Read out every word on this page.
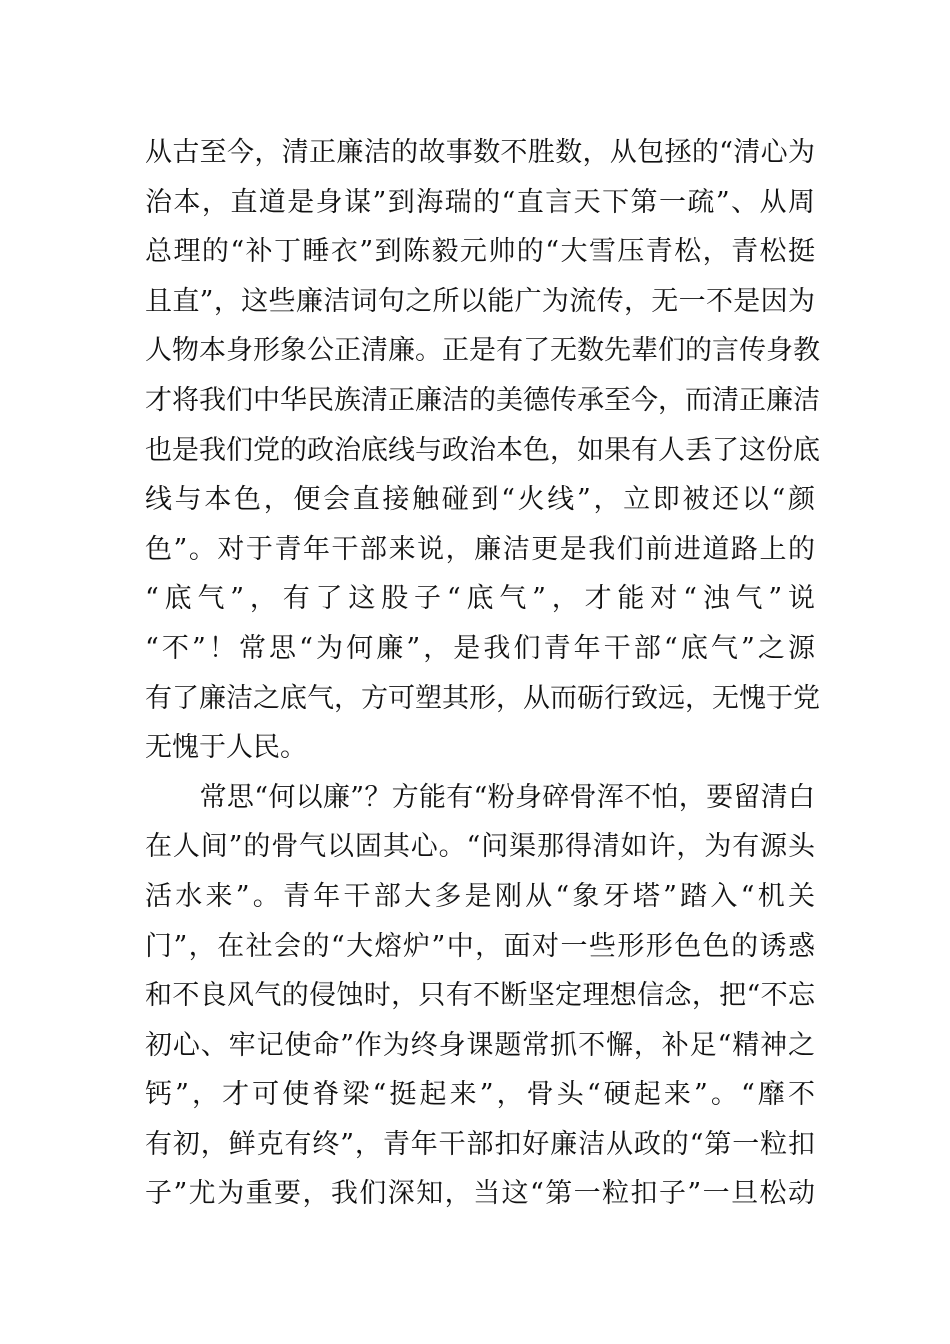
从古至今，清正廉洁的故事数不胜数，从包拯的“清心为
治本，直道是身谋”到海瑞的“直言天下第一疏”、从周
总理的“补丁睡衣”到陈毅元帅的“大雪压青松，青松挺
且直”，这些廉洁词句之所以能广为流传，无一不是因为
人物本身形象公正清廉。正是有了无数先辈们的言传身教
才将我们中华民族清正廉洁的美德传承至今，而清正廉洁
也是我们党的政治底线与政治本色，如果有人丢了这份底
线与本色，便会直接触碰到“火线”，立即被还以“颜
色”。对于青年干部来说，廉洁更是我们前进道路上的
“底气”，有了这股子“底气”，才能对“浊气”说
“不”！常思“为何廉”，是我们青年干部“底气”之源
有了廉洁之底气，方可塑其形，从而砺行致远，无愧于党
无愧于人民。
　　常思“何以廉”？方能有“粉身碎骨浑不怕，要留清白
在人间”的骨气以固其心。“问渠那得清如许，为有源头
活水来”。青年干部大多是刚从“象牙塔”踏入“机关
门”，在社会的“大熔炉”中，面对一些形形色色的诱惑
和不良风气的侵蚀时，只有不断坚定理想信念，把“不忘
初心、牢记使命”作为终身课题常抓不懈，补足“精神之
钙”，才可使脊梁“挺起来”，骨头“硬起来”。“靡不
有初，鲜克有终”，青年干部扣好廉洁从政的“第一粒扣
子”尤为重要，我们深知，当这“第一粒扣子”一旦松动
